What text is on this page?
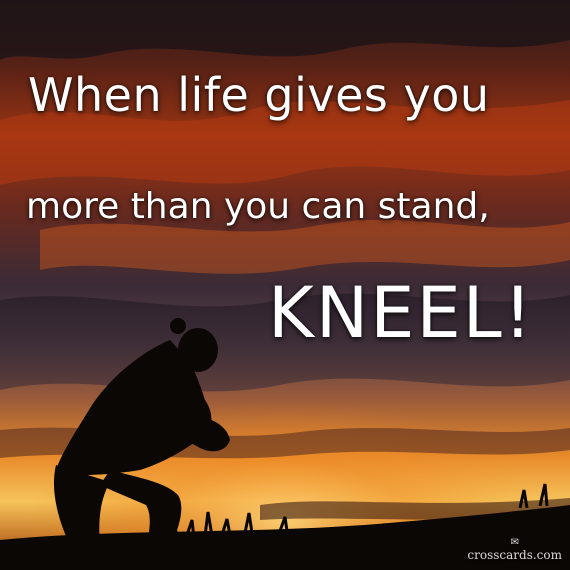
When life gives you

more than you can stand,

KNEEL!

✉
crosscards.com
